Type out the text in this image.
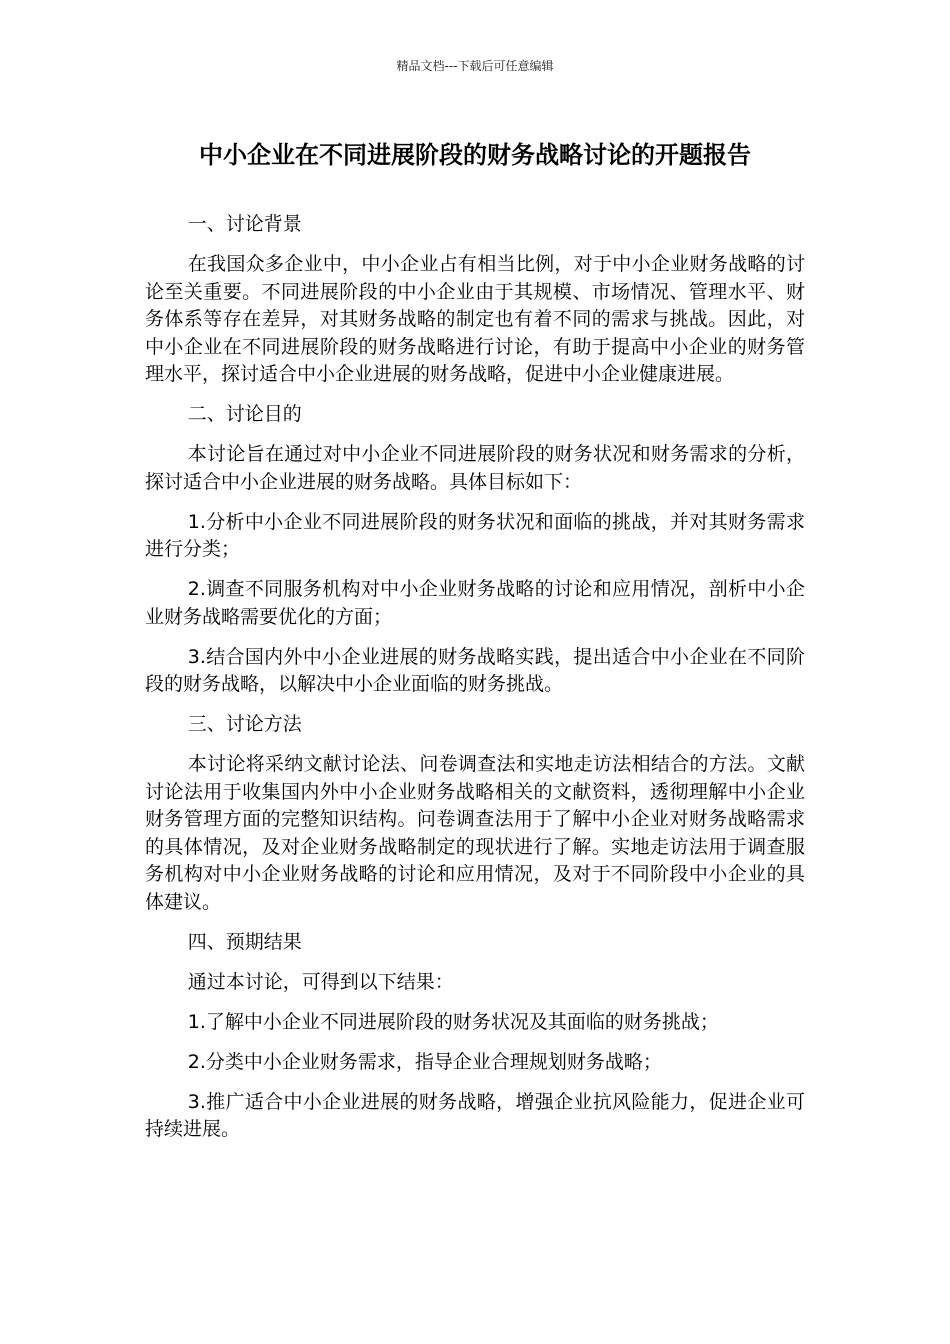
精品文档---下载后可任意编辑
中小企业在不同进展阶段的财务战略讨论的开题报告

一、讨论背景

在我国众多企业中，中小企业占有相当比例，对于中小企业财务战略的讨论至关重要。不同进展阶段的中小企业由于其规模、市场情况、管理水平、财务体系等存在差异，对其财务战略的制定也有着不同的需求与挑战。因此，对中小企业在不同进展阶段的财务战略进行讨论，有助于提高中小企业的财务管理水平，探讨适合中小企业进展的财务战略，促进中小企业健康进展。

二、讨论目的

本讨论旨在通过对中小企业不同进展阶段的财务状况和财务需求的分析，探讨适合中小企业进展的财务战略。具体目标如下：

1.分析中小企业不同进展阶段的财务状况和面临的挑战，并对其财务需求进行分类；

2.调查不同服务机构对中小企业财务战略的讨论和应用情况，剖析中小企业财务战略需要优化的方面；

3.结合国内外中小企业进展的财务战略实践，提出适合中小企业在不同阶段的财务战略，以解决中小企业面临的财务挑战。

三、讨论方法

本讨论将采纳文献讨论法、问卷调查法和实地走访法相结合的方法。文献讨论法用于收集国内外中小企业财务战略相关的文献资料，透彻理解中小企业财务管理方面的完整知识结构。问卷调查法用于了解中小企业对财务战略需求的具体情况，及对企业财务战略制定的现状进行了解。实地走访法用于调查服务机构对中小企业财务战略的讨论和应用情况，及对于不同阶段中小企业的具体建议。

四、预期结果

通过本讨论，可得到以下结果：

1.了解中小企业不同进展阶段的财务状况及其面临的财务挑战；

2.分类中小企业财务需求，指导企业合理规划财务战略；

3.推广适合中小企业进展的财务战略，增强企业抗风险能力，促进企业可持续进展。
